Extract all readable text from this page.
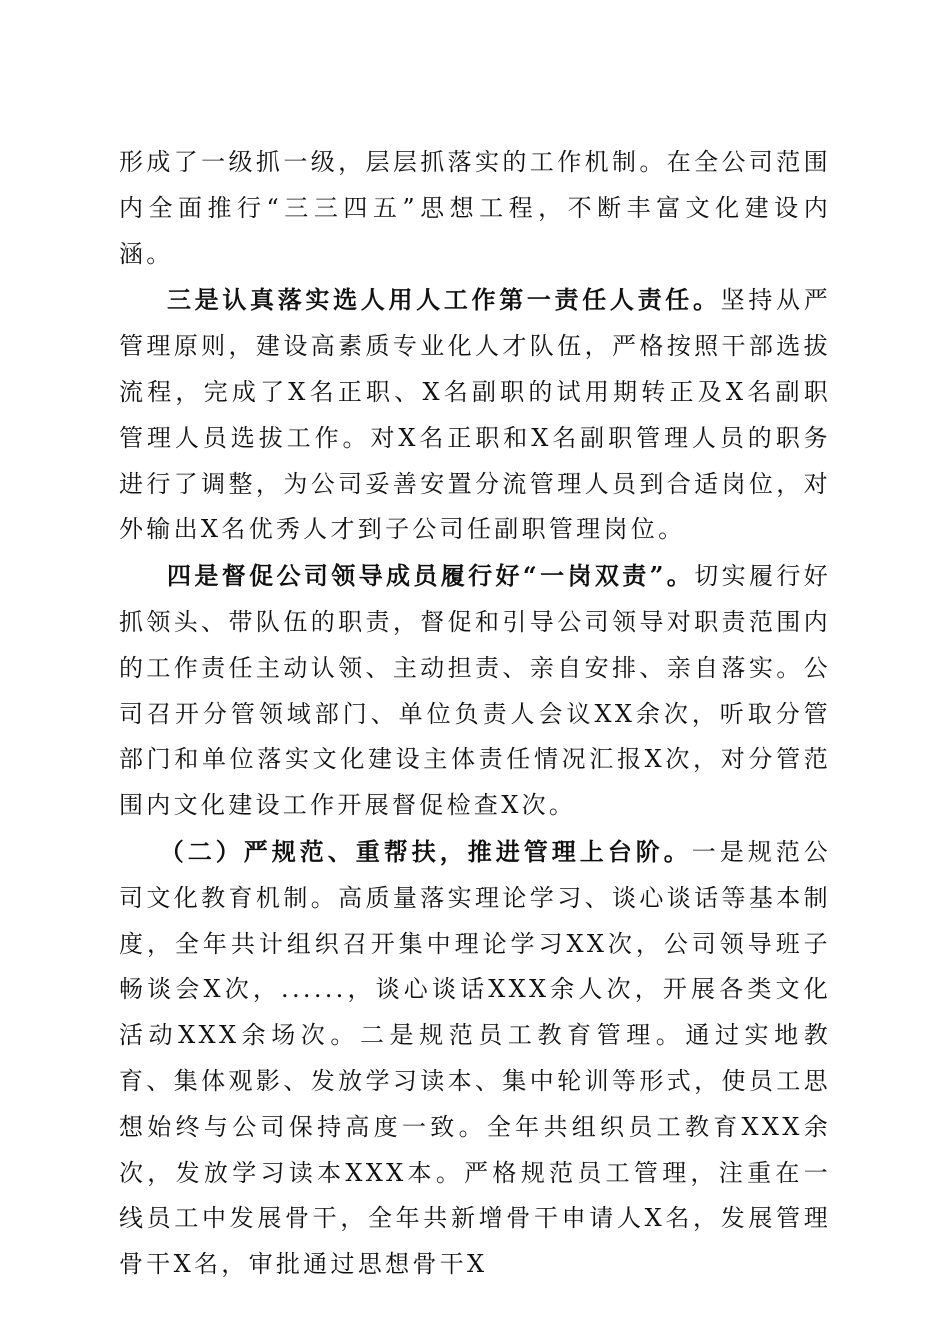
形成了一级抓一级，层层抓落实的工作机制。在全公司范围内全面推行“三三四五”思想工程，不断丰富文化建设内涵。

三是认真落实选人用人工作第一责任人责任。坚持从严管理原则，建设高素质专业化人才队伍，严格按照干部选拔流程，完成了X名正职、X名副职的试用期转正及X名副职管理人员选拔工作。对X名正职和X名副职管理人员的职务进行了调整，为公司妥善安置分流管理人员到合适岗位，对外输出X名优秀人才到子公司任副职管理岗位。

四是督促公司领导成员履行好“一岗双责”。切实履行好抓领头、带队伍的职责，督促和引导公司领导对职责范围内的工作责任主动认领、主动担责、亲自安排、亲自落实。公司召开分管领域部门、单位负责人会议XX余次，听取分管部门和单位落实文化建设主体责任情况汇报X次，对分管范围内文化建设工作开展督促检查X次。

（二）严规范、重帮扶，推进管理上台阶。一是规范公司文化教育机制。高质量落实理论学习、谈心谈话等基本制度，全年共计组织召开集中理论学习XX次，公司领导班子畅谈会X次，......，谈心谈话XXX余人次，开展各类文化活动XXX余场次。二是规范员工教育管理。通过实地教育、集体观影、发放学习读本、集中轮训等形式，使员工思想始终与公司保持高度一致。全年共组织员工教育XXX余次，发放学习读本XXX本。严格规范员工管理，注重在一线员工中发展骨干，全年共新增骨干申请人X名，发展管理骨干X名，审批通过思想骨干X
